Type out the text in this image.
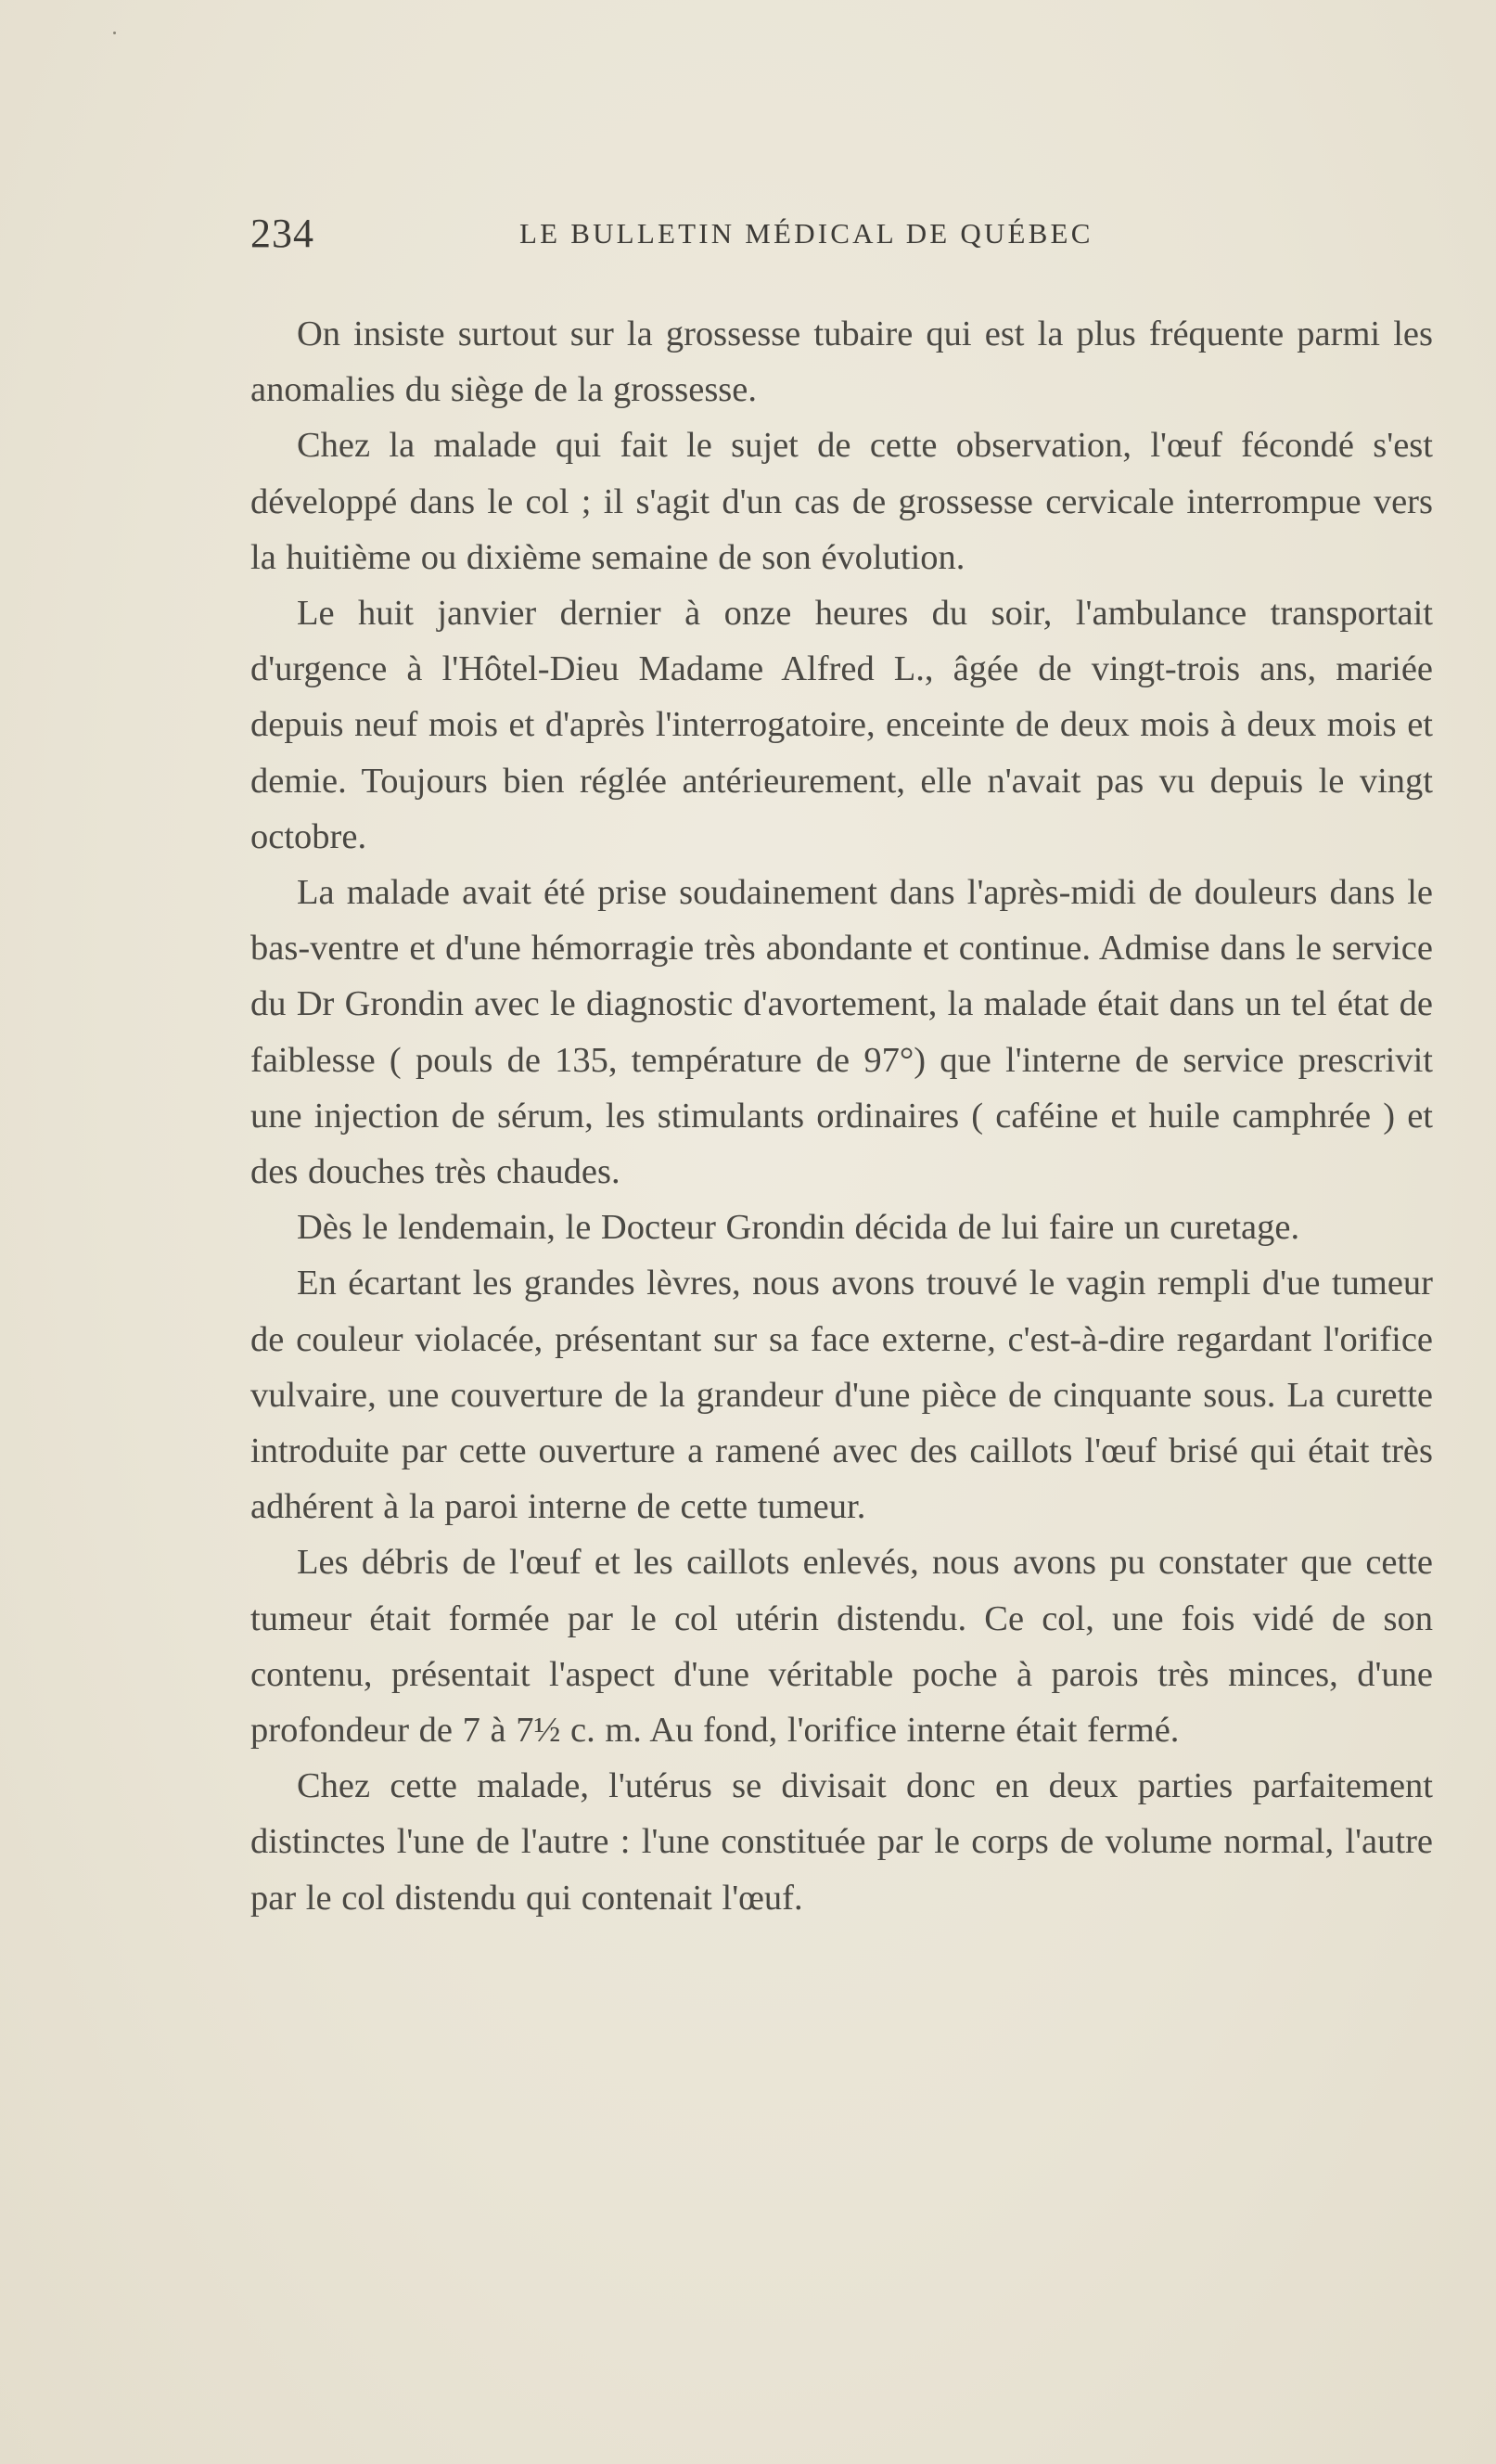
234	LE BULLETIN MÉDICAL DE QUÉBEC

On insiste surtout sur la grossesse tubaire qui est la plus fréquente parmi les anomalies du siège de la grossesse.

Chez la malade qui fait le sujet de cette observation, l'œuf fécondé s'est développé dans le col ; il s'agit d'un cas de grossesse cervicale interrompue vers la huitième ou dixième semaine de son évolution.

Le huit janvier dernier à onze heures du soir, l'ambulance transportait d'urgence à l'Hôtel-Dieu Madame Alfred L., âgée de vingt-trois ans, mariée depuis neuf mois et d'après l'interrogatoire, enceinte de deux mois à deux mois et demie. Toujours bien réglée antérieurement, elle n'avait pas vu depuis le vingt octobre.

La malade avait été prise soudainement dans l'après-midi de douleurs dans le bas-ventre et d'une hémorragie très abondante et continue. Admise dans le service du Dr Grondin avec le diagnostic d'avortement, la malade était dans un tel état de faiblesse ( pouls de 135, température de 97°) que l'interne de service prescrivit une injection de sérum, les stimulants ordinaires ( caféine et huile camphrée ) et des douches très chaudes.

Dès le lendemain, le Docteur Grondin décida de lui faire un curetage.

En écartant les grandes lèvres, nous avons trouvé le vagin rempli d'ue tumeur de couleur violacée, présentant sur sa face externe, c'est-à-dire regardant l'orifice vulvaire, une couverture de la grandeur d'une pièce de cinquante sous. La curette introduite par cette ouverture a ramené avec des caillots l'œuf brisé qui était très adhérent à la paroi interne de cette tumeur.

Les débris de l'œuf et les caillots enlevés, nous avons pu constater que cette tumeur était formée par le col utérin distendu. Ce col, une fois vidé de son contenu, présentait l'aspect d'une véritable poche à parois très minces, d'une profondeur de 7 à 7½ c. m. Au fond, l'orifice interne était fermé.

Chez cette malade, l'utérus se divisait donc en deux parties parfaitement distinctes l'une de l'autre : l'une constituée par le corps de volume normal, l'autre par le col distendu qui contenait l'œuf.
